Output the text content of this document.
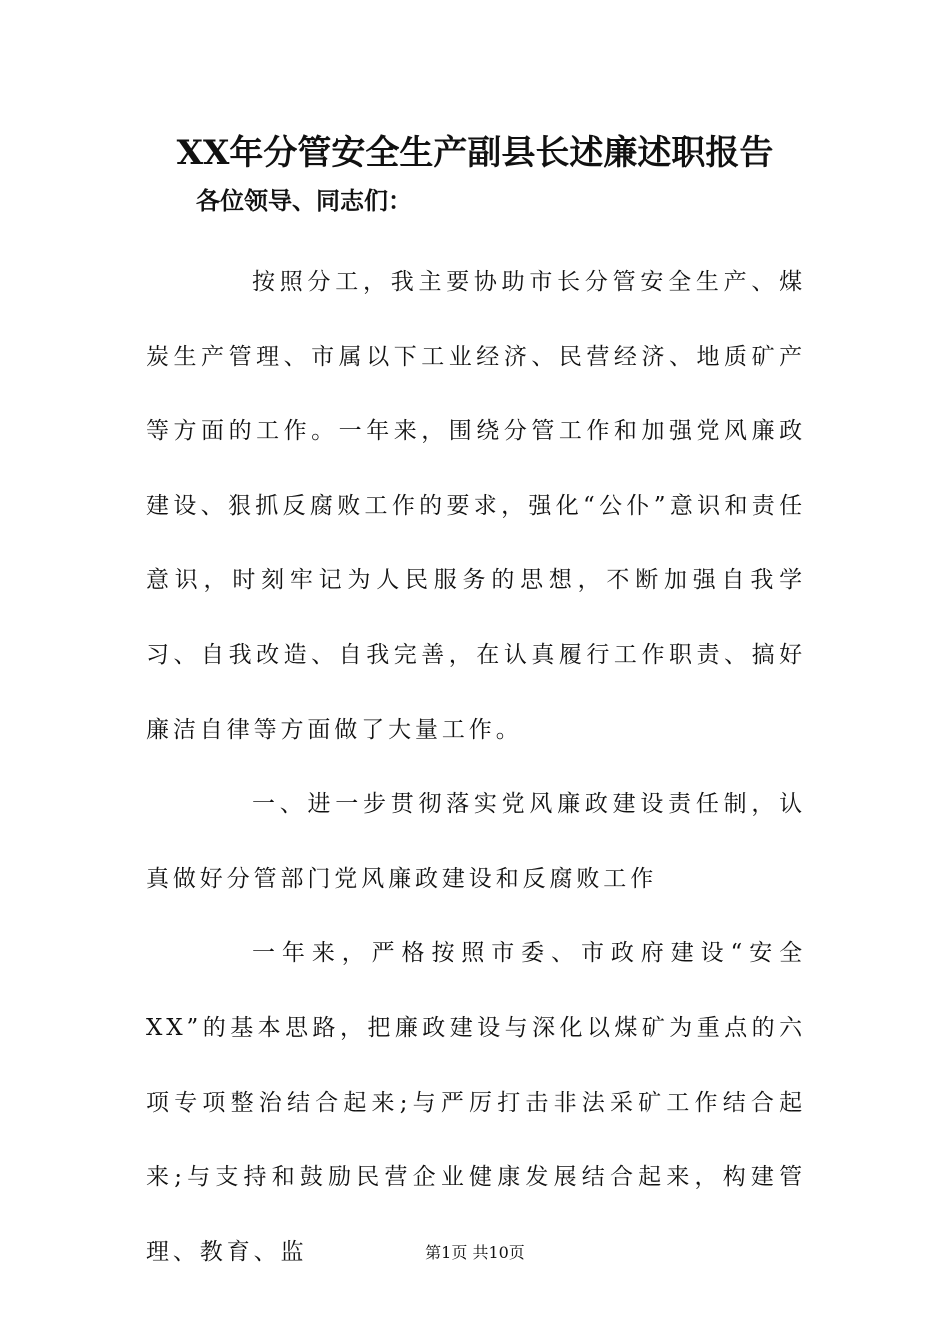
XX年分管安全生产副县长述廉述职报告
各位领导、同志们：

按照分工，我主要协助市长分管安全生产、煤炭生产管理、市属以下工业经济、民营经济、地质矿产等方面的工作。一年来，围绕分管工作和加强党风廉政建设、狠抓反腐败工作的要求，强化“公仆”意识和责任意识，时刻牢记为人民服务的思想，不断加强自我学习、自我改造、自我完善，在认真履行工作职责、搞好廉洁自律等方面做了大量工作。

一、进一步贯彻落实党风廉政建设责任制，认真做好分管部门党风廉政建设和反腐败工作

一年来，严格按照市委、市政府建设“安全XX”的基本思路，把廉政建设与深化以煤矿为重点的六项专项整治结合起来;与严厉打击非法采矿工作结合起来;与支持和鼓励民营企业健康发展结合起来，构建管理、教育、监	第1页 共10页
